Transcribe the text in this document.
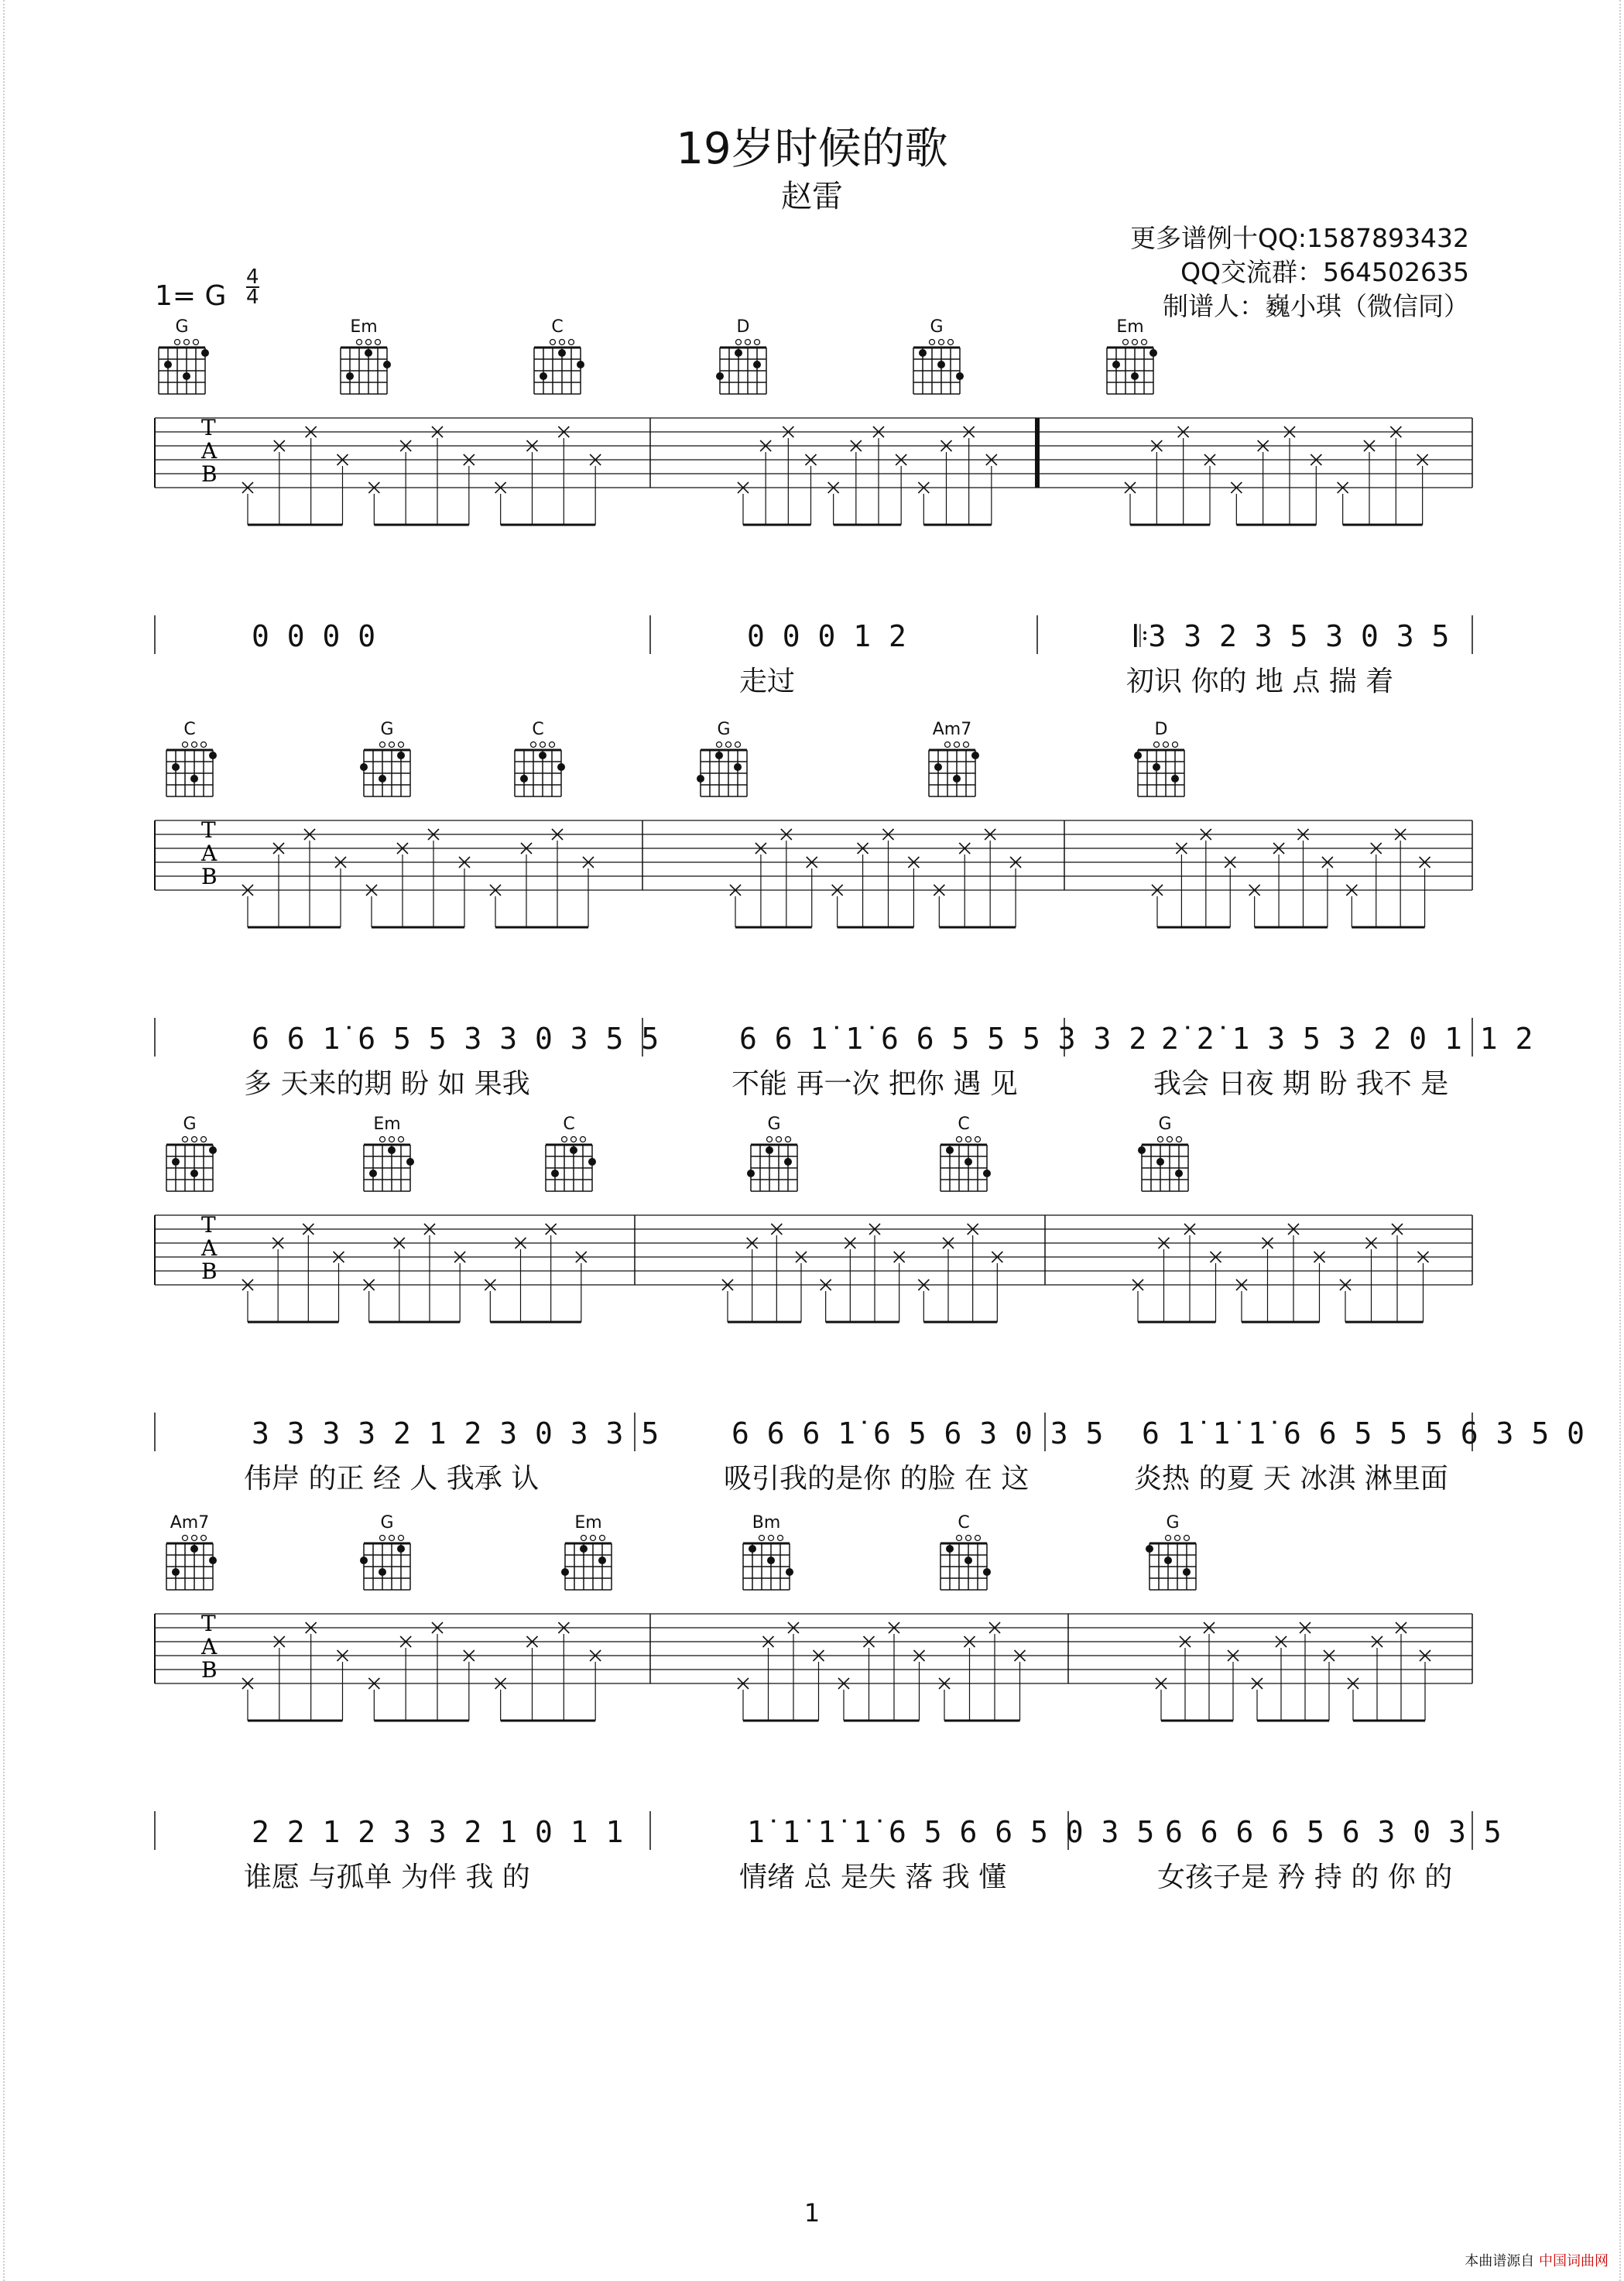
19岁时候的歌
赵雷
更多谱例十QQ:1587893432
QQ交流群：564502635
制谱人：巍小琪（微信同）
1= G
4
4
G	Em	C	D	G	Em
T
A
B
0 0 0 0	0 0 0 1 2
走过
𝄆3 3 2 3 5 3 0 3 5
初识 你的 地 点 揣 着
C	G	C	G	Am7	D
T
A
B
6 6 1̇ 6 5 5 3 3 0 3 5 5
多 天来的期 盼 如 果我
6 6 1̇ 1̇ 6 6 5 5 5 3 3 2
不能 再一次 把你 遇 见
2̇ 2̇ 1 3 5 3 2 0 1 1 2
我会 日夜 期 盼 我不 是
G	Em	C	G	C	G
T
A
B
3 3 3 3 2 1 2 3 0 3 3 5
伟岸 的正 经 人 我承 认
6 6 6 1̇ 6 5 6 3 0 3 5
吸引我的是你 的脸 在 这
6 1̇ 1̇ 1̇ 6 6 5 5 5 6 3 5 0
炎热 的夏 天 冰淇 淋里面
Am7	G	Em	Bm	C	G
T
A
B
2 2 1 2 3 3 2 1 0 1 1
谁愿 与孤单 为伴 我 的
1̇ 1̇ 1̇ 1̇ 6 5 6 6 5 0 3 5
情绪 总 是失 落 我 懂
6 6 6 6 5 6 3 0 3 5
女孩子是 矜 持 的 你 的
1
本曲谱源自 中国词曲网
